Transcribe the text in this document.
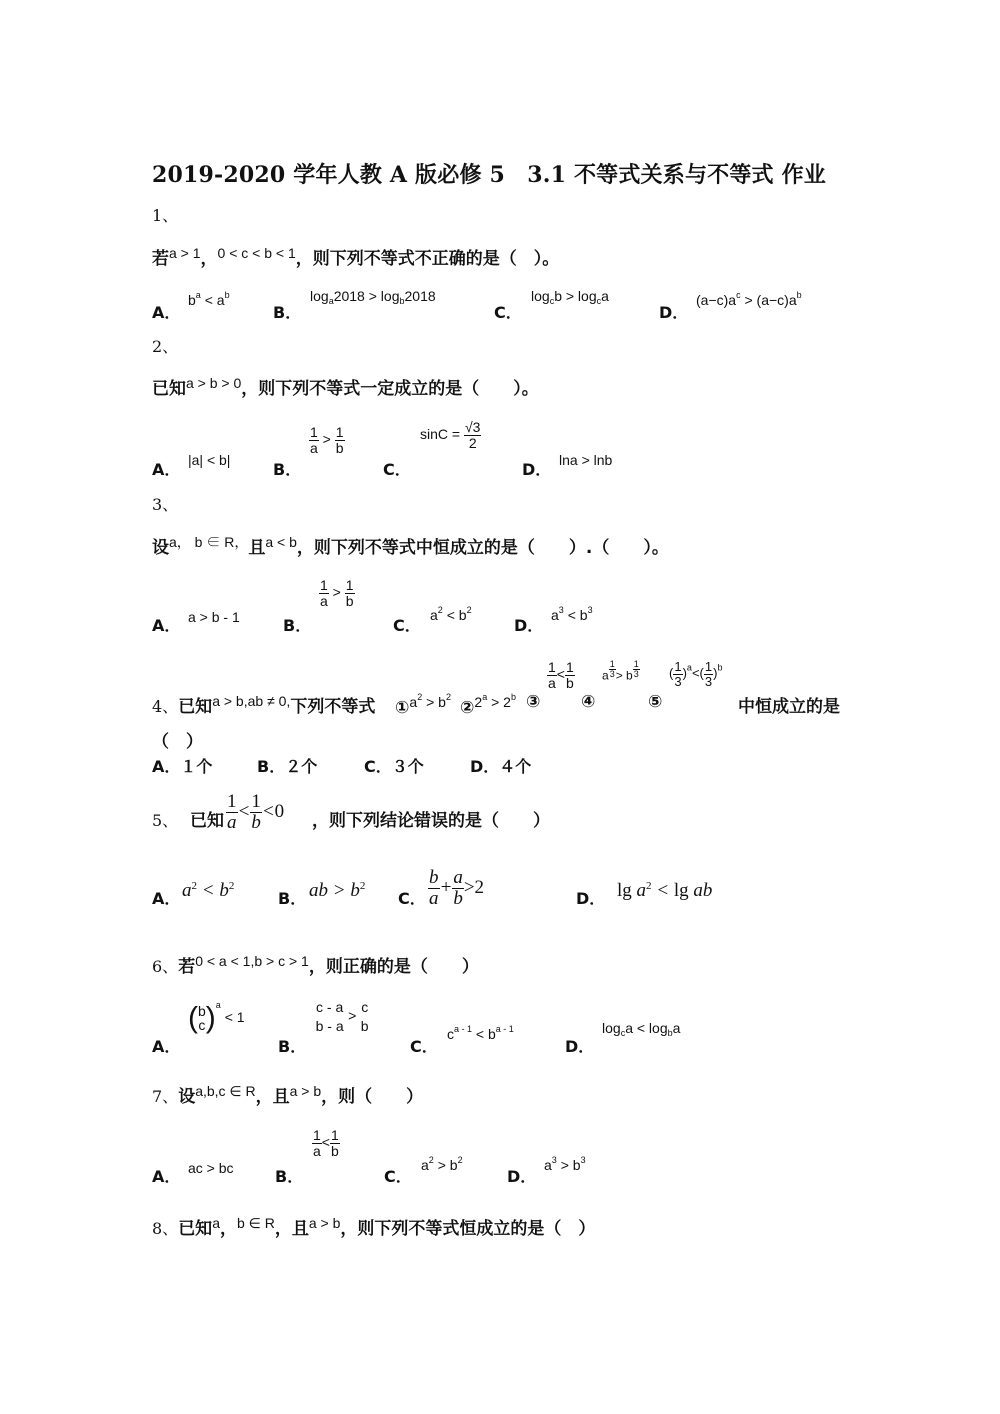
2019-2020 学年人教 A 版必修 5　3.1 不等式关系与不等式 作业
1、
若$^{a > 1}$，$^{0 < c < b < 1}$，则下列不等式不正确的是（　）。
A．
$b^a < a^b$
B．
$\log_a2018 > \log_b2018$
C．
$\log_cb > \log_ca$
D．
$(a-c)a^c > (a-c)a^b$
2、
已知$^{a > b > 0}$，则下列不等式一定成立的是（　　）。
A． |a| < b|	B．
$\frac{1}{a} > \frac{1}{b}$
C．
$\sin C = \frac{√3}{2}$
D． lna > lnb
3、
设$^{a, b \in R,}$且$^{a < b}$，则下列不等式中恒成立的是（　　）.（　　）。
A． a > b - 1	B．
$\frac{1}{a} > \frac{1}{b}$
C．
$a^2 < b^2$
D．
$a^3 < b^3$
4、已知$^{a > b,ab \ne 0,}$下列不等式 ①$^{a^2 > b^2}$
②$^{2^a > 2^b}$ ③
$\frac{1}{a} < \frac{1}{b}$
④
a $^{\frac{1}{3}}$ > b $^{\frac{1}{3}}$
⑤
( $\frac{1}{3} )^a<( \frac{1}{3} )^b$
中恒成立的是
（　）
A．１个	B．２个	C．３个	D．４个
5、 已知 $\frac{1}{a} < \frac{1}{b} <0$ ，则下列结论错误的是（　　）
A． $a^2 < b^2$
B． ab > $b^2$
C． $\frac{b}{a} + \frac{a}{b} >2$
D． $\lg a^2 < \lg$ ab
6、若$^{0 < a < 1,b > c > 1}$，则正确的是（　　）
A．
( b
c )$^a$ < 1
B．
c - a
b - a
>
c
b
C．
$c^{a - 1} < b^{a - 1}$
D．
$\log_ca < \log_ba$
7、设$^{a,b,c \in R}$，且$^{a > b}$，则（　　）
A． ac > bc	B．
$\frac{1}{a} < \frac{1}{b}$
C．
$a^2 > b^2$
D．
$a^3 > b^3$
8、已知$^a$，$^{b \in R}$，且$^{a > b}$，则下列不等式恒成立的是（　）
